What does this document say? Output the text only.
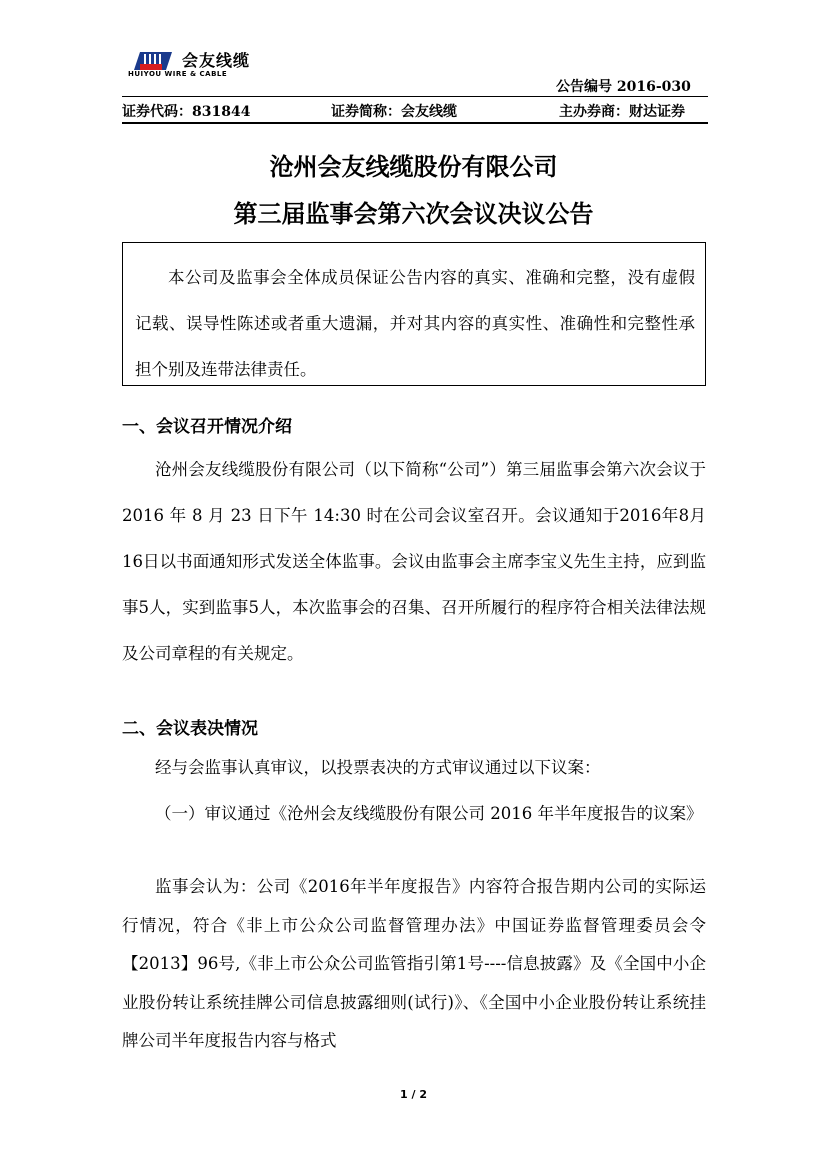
会友线缆
HUIYOU WIRE & CABLE
公告编号 2016-030
证券代码：831844	证券简称：会友线缆	主办券商：财达证券
沧州会友线缆股份有限公司
第三届监事会第六次会议决议公告
本公司及监事会全体成员保证公告内容的真实、准确和完整，没有虚假记载、误导性陈述或者重大遗漏，并对其内容的真实性、准确性和完整性承担个别及连带法律责任。
一、会议召开情况介绍
沧州会友线缆股份有限公司（以下简称“公司”）第三届监事会第六次会议于 2016 年 8 月 23 日下午 14:30 时在公司会议室召开。会议通知于2016年8月16日以书面通知形式发送全体监事。会议由监事会主席李宝义先生主持，应到监事5人，实到监事5人，本次监事会的召集、召开所履行的程序符合相关法律法规及公司章程的有关规定。
二、会议表决情况
经与会监事认真审议，以投票表决的方式审议通过以下议案：
（一）审议通过《沧州会友线缆股份有限公司 2016 年半年度报告的议案》
监事会认为：公司《2016年半年度报告》内容符合报告期内公司的实际运行情况，符合《非上市公众公司监督管理办法》中国证券监督管理委员会令【2013】96号,《非上市公众公司监管指引第1号----信息披露》及《全国中小企业股份转让系统挂牌公司信息披露细则(试行)》、《全国中小企业股份转让系统挂牌公司半年度报告内容与格式
1 / 2
